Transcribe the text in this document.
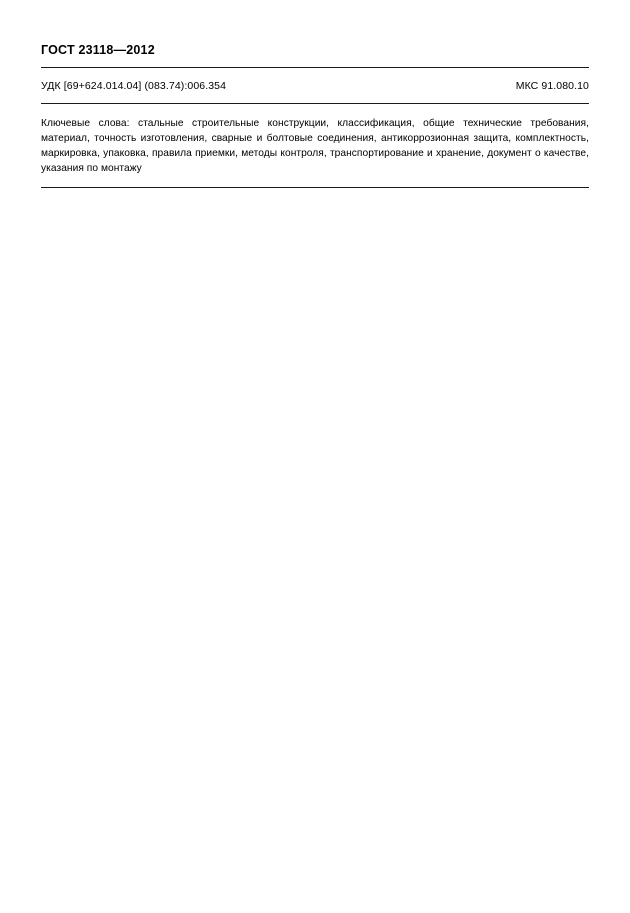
ГОСТ 23118—2012
УДК [69+624.014.04] (083.74):006.354	МКС 91.080.10
Ключевые слова: стальные строительные конструкции, классификация, общие технические требования, материал, точность изготовления, сварные и болтовые соединения, антикоррозионная защита, комплектность, маркировка, упаковка, правила приемки, методы контроля, транспортирование и хранение, документ о качестве, указания по монтажу
